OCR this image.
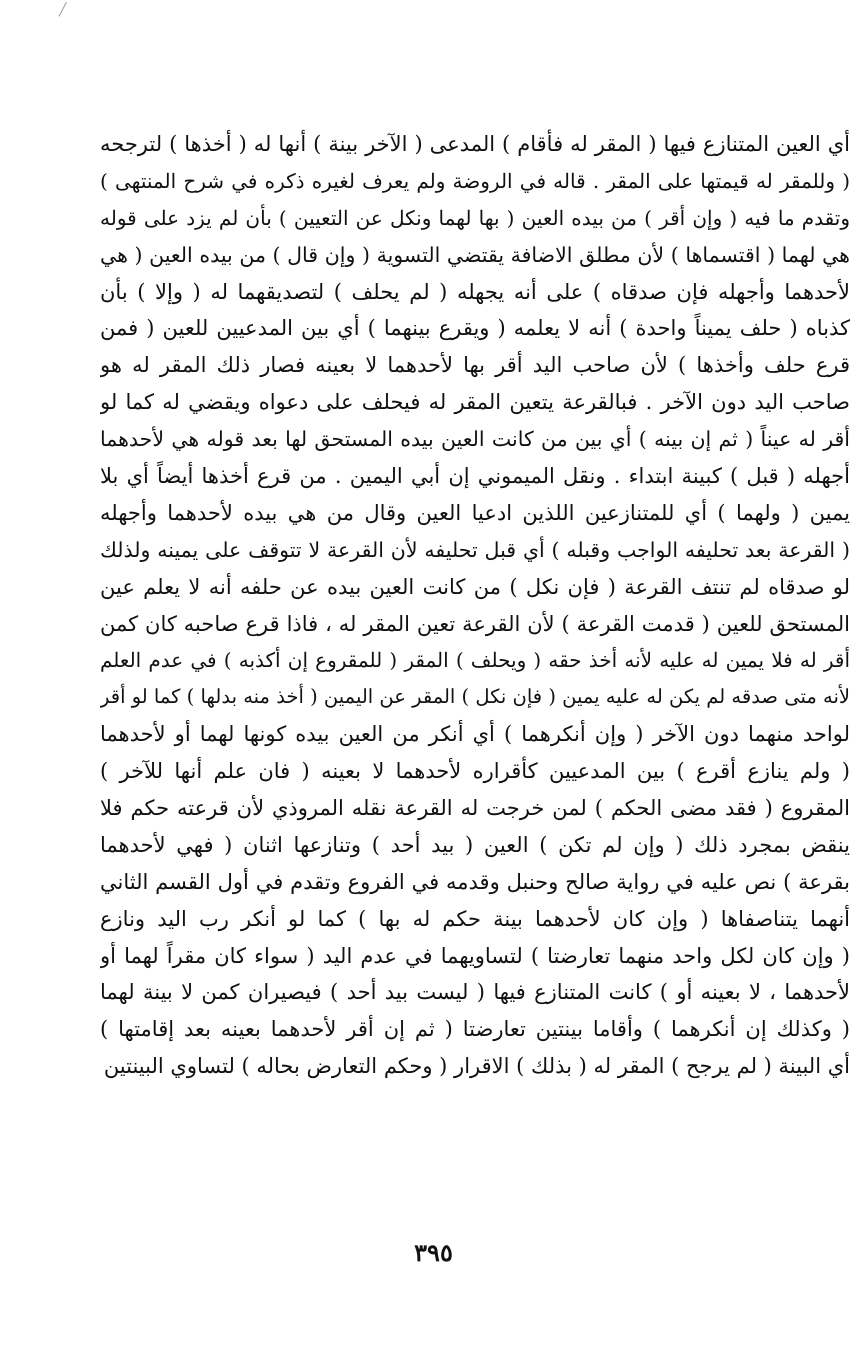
أي العين المتنازع فيها ( المقر له فأقام ) المدعى ( الآخر بينة ) أنها له ( أخذها ) لترجحه
( وللمقر له قيمتها على المقر . قاله في الروضة ولم يعرف لغيره ذكره في شرح المنتهى )
وتقدم ما فيه ( وإن أقر ) من بيده العين ( بها لهما ونكل عن التعيين ) بأن لم يزد على قوله
هي لهما ( اقتسماها ) لأن مطلق الاضافة يقتضي التسوية ( وإن قال ) من بيده العين ( هي
لأحدهما وأجهله فإن صدقاه ) على أنه يجهله ( لم يحلف ) لتصديقهما له ( وإلا ) بأن
كذباه ( حلف يميناً واحدة ) أنه لا يعلمه ( ويقرع بينهما ) أي بين المدعيين للعين ( فمن
قرع حلف وأخذها ) لأن صاحب اليد أقر بها لأحدهما لا بعينه فصار ذلك المقر له هو
صاحب اليد دون الآخر . فبالقرعة يتعين المقر له فيحلف على دعواه ويقضي له كما لو
أقر له عيناً ( ثم إن بينه ) أي بين من كانت العين بيده المستحق لها بعد قوله هي لأحدهما
أجهله ( قبل ) كبينة ابتداء . ونقل الميموني إن أبي اليمين . من قرع أخذها أيضاً أي بلا
يمين ( ولهما ) أي للمتنازعين اللذين ادعيا العين وقال من هي بيده لأحدهما وأجهله
( القرعة بعد تحليفه الواجب وقبله ) أي قبل تحليفه لأن القرعة لا تتوقف على يمينه ولذلك
لو صدقاه لم تنتف القرعة ( فإن نكل ) من كانت العين بيده عن حلفه أنه لا يعلم عين
المستحق للعين ( قدمت القرعة ) لأن القرعة تعين المقر له ، فاذا قرع صاحبه كان كمن
أقر له فلا يمين له عليه لأنه أخذ حقه ( ويحلف ) المقر ( للمقروع إن أكذبه ) في عدم العلم
لأنه متى صدقه لم يكن له عليه يمين ( فإن نكل ) المقر عن اليمين ( أخذ منه بدلها ) كما لو أقر
لواحد منهما دون الآخر ( وإن أنكرهما ) أي أنكر من العين بيده كونها لهما أو لأحدهما
( ولم ينازع أقرع ) بين المدعيين كأقراره لأحدهما لا بعينه ( فان علم أنها للآخر )
المقروع ( فقد مضى الحكم ) لمن خرجت له القرعة نقله المروذي لأن قرعته حكم فلا
ينقض بمجرد ذلك ( وإن لم تكن ) العين ( بيد أحد ) وتنازعها اثنان ( فهي لأحدهما
بقرعة ) نص عليه في رواية صالح وحنبل وقدمه في الفروع وتقدم في أول القسم الثاني
أنهما يتناصفاها ( وإن كان لأحدهما بينة حكم له بها ) كما لو أنكر رب اليد ونازع
( وإن كان لكل واحد منهما تعارضتا ) لتساويهما في عدم اليد ( سواء كان مقراً لهما أو
لأحدهما ، لا بعينه أو ) كانت المتنازع فيها ( ليست بيد أحد ) فيصيران كمن لا بينة لهما
( وكذلك إن أنكرهما ) وأقاما بينتين تعارضتا ( ثم إن أقر لأحدهما بعينه بعد إقامتها )
أي البينة ( لم يرجح ) المقر له ( بذلك ) الاقرار ( وحكم التعارض بحاله ) لتساوي البينتين
٣٩٥
